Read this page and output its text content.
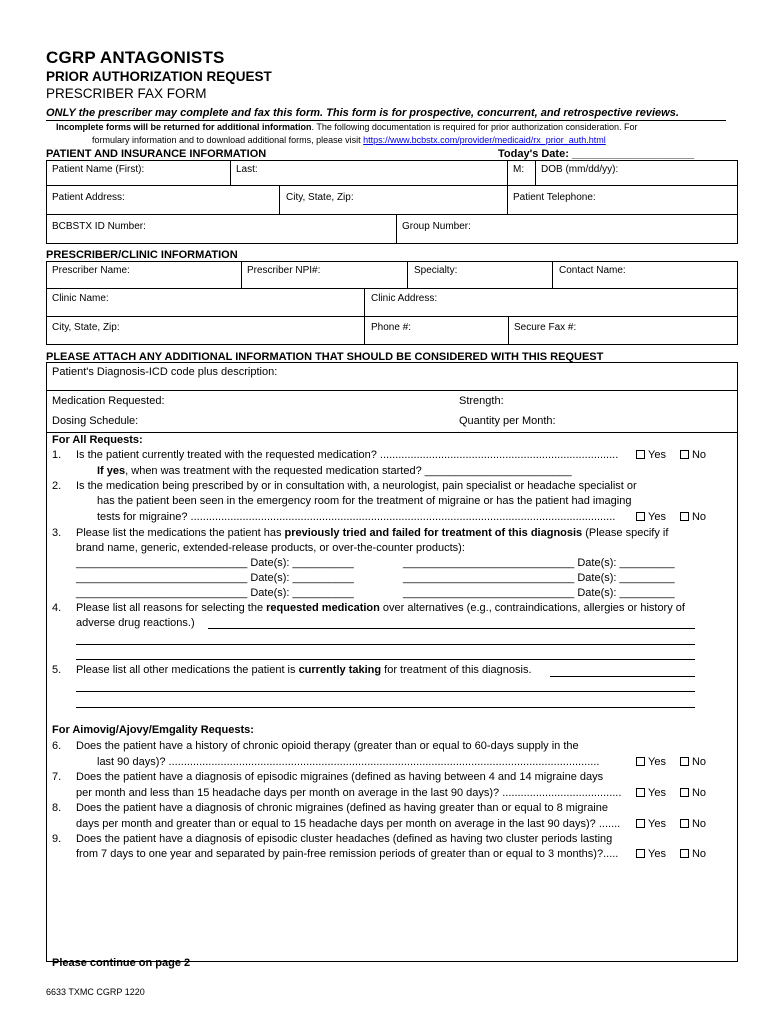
CGRP ANTAGONISTS
PRIOR AUTHORIZATION REQUEST
PRESCRIBER FAX FORM
ONLY the prescriber may complete and fax this form. This form is for prospective, concurrent, and retrospective reviews.
Incomplete forms will be returned for additional information. The following documentation is required for prior authorization consideration. For
formulary information and to download additional forms, please visit https://www.bcbstx.com/provider/medicaid/rx_prior_auth.html
PATIENT AND INSURANCE INFORMATION	Today's Date: ____________________
Patient Name (First):	Last:	M: DOB (mm/dd/yy):
Patient Address:	City, State, Zip:	Patient Telephone:
BCBSTX ID Number:	Group Number:
PRESCRIBER/CLINIC INFORMATION
Prescriber Name:	Prescriber NPI#:	Specialty:	Contact Name:
Clinic Name:	Clinic Address:
City, State, Zip:	Phone #:	Secure Fax #:
PLEASE ATTACH ANY ADDITIONAL INFORMATION THAT SHOULD BE CONSIDERED WITH THIS REQUEST
Patient's Diagnosis-ICD code plus description:
Medication Requested:	Strength:
Dosing Schedule:	Quantity per Month:
For All Requests:
1. Is the patient currently treated with the requested medication? ..............................................................................	Yes No
If yes, when was treatment with the requested medication started? ________________________
2. Is the medication being prescribed by or in consultation with, a neurologist, pain specialist or headache specialist or
has the patient been seen in the emergency room for the treatment of migraine or has the patient had imaging
tests for migraine? ...........................................................................................................................................	Yes No
3. Please list the medications the patient has previously tried and failed for treatment of this diagnosis (Please specify if
brand name, generic, extended-release products, or over-the-counter products):
____________________________ Date(s): __________	____________________________ Date(s): _________
____________________________ Date(s): __________	____________________________ Date(s): _________
____________________________ Date(s): __________	____________________________ Date(s): _________
4. Please list all reasons for selecting the requested medication over alternatives (e.g., contraindications, allergies or history of
adverse drug reactions.)
5. Please list all other medications the patient is currently taking for treatment of this diagnosis.
For Aimovig/Ajovy/Emgality Requests:
6. Does the patient have a history of chronic opioid therapy (greater than or equal to 60-days supply in the
last 90 days)? .............................................................................................................................................	Yes No
7. Does the patient have a diagnosis of episodic migraines (defined as having between 4 and 14 migraine days
per month and less than 15 headache days per month on average in the last 90 days)? .......................................	Yes No
8. Does the patient have a diagnosis of chronic migraines (defined as having greater than or equal to 8 migraine
days per month and greater than or equal to 15 headache days per month on average in the last 90 days)? .......	Yes No
9. Does the patient have a diagnosis of episodic cluster headaches (defined as having two cluster periods lasting
from 7 days to one year and separated by pain-free remission periods of greater than or equal to 3 months)?.....	Yes No
Please continue on page 2
6633 TXMC CGRP 1220
